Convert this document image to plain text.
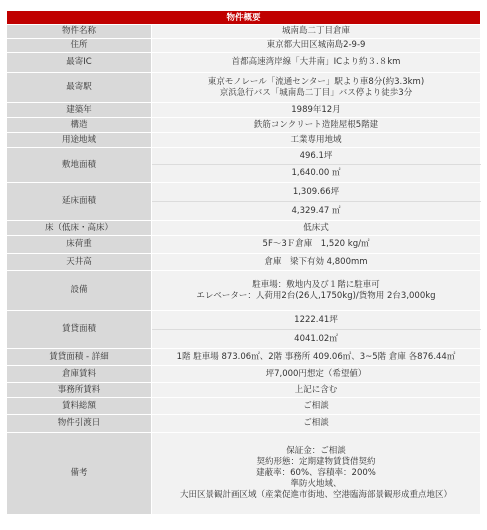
物件概要	
物件名称	城南島二丁目倉庫
住所	東京都大田区城南島2-9-9
最寄IC	首都高速湾岸線「大井南」ICより約３.８km
最寄駅	東京モノレール「流通センター」駅より車8分(約3.3km)
京浜急行バス「城南島二丁目」バス停より徒歩3分

建築年	1989年12月
構造	鉄筋コンクリート造陸屋根5階建
用途地域	工業専用地域
敷地面積	496.1坪
	1,640.00 ㎡
延床面積	1,309.66坪
	4,329.47 ㎡
床（低床・高床）	低床式
床荷重	5F～3Ｆ倉庫　1,520 kg/㎡
天井高	倉庫　梁下有効 4,800mm
設備	駐車場：敷地内及び１階に駐車可
エレベーター：人荷用2台(26人,1750kg)/貨物用 2台3,000kg

賃貸面積	1222.41坪
	4041.02㎡
賃貸面積 - 詳細	1階 駐車場 873.06㎡、2階 事務所 409.06㎡、3~5階 倉庫 各876.44㎡
倉庫賃料	坪7,000円想定（希望値）
事務所賃料	上記に含む
賃料総額	ご相談
物件引渡日	ご相談
備考	保証金：ご相談
契約形態：定期建物賃貸借契約
建蔽率：60%、容積率：200%
準防火地域、
大田区景観計画区域（産業促進市街地、空港臨海部景観形成重点地区）
